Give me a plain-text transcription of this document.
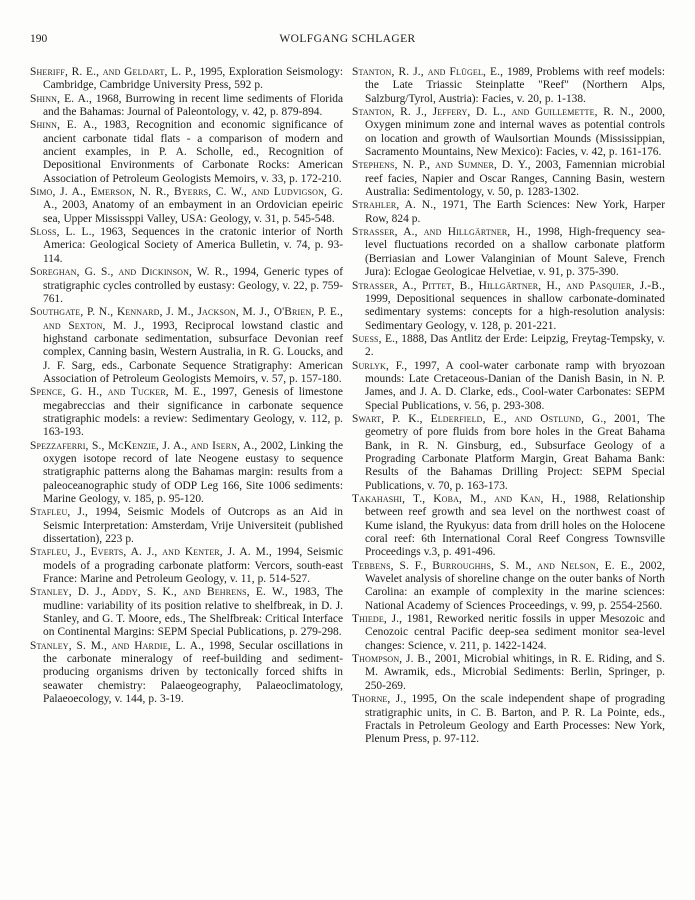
190	WOLFGANG SCHLAGER

Sheriff, R. E., and Geldart, L. P., 1995, Exploration Seismology: Cambridge, Cambridge University Press, 592 p.

Shinn, E. A., 1968, Burrowing in recent lime sediments of Florida and the Bahamas: Journal of Paleontology, v. 42, p. 879-894.

Shinn, E. A., 1983, Recognition and economic significance of ancient carbonate tidal flats - a comparison of modern and ancient examples, in P. A. Scholle, ed., Recognition of Depositional Environments of Carbonate Rocks: American Association of Petroleum Geologists Memoirs, v. 33, p. 172-210.

Simo, J. A., Emerson, N. R., Byerrs, C. W., and Ludvigson, G. A., 2003, Anatomy of an embayment in an Ordovician epeiric sea, Upper Mississppi Valley, USA: Geology, v. 31, p. 545-548.

Sloss, L. L., 1963, Sequences in the cratonic interior of North America: Geological Society of America Bulletin, v. 74, p. 93-114.

Soreghan, G. S., and Dickinson, W. R., 1994, Generic types of stratigraphic cycles controlled by eustasy: Geology, v. 22, p. 759-761.

Southgate, P. N., Kennard, J. M., Jackson, M. J., O'Brien, P. E., and Sexton, M. J., 1993, Reciprocal lowstand clastic and highstand carbonate sedimentation, subsurface Devonian reef complex, Canning basin, Western Australia, in R. G. Loucks, and J. F. Sarg, eds., Carbonate Sequence Stratigraphy: American Association of Petroleum Geologists Memoirs, v. 57, p. 157-180.

Spence, G. H., and Tucker, M. E., 1997, Genesis of limestone megabreccias and their significance in carbonate sequence stratigraphic models: a review: Sedimentary Geology, v. 112, p. 163-193.

Spezzaferri, S., McKenzie, J. A., and Isern, A., 2002, Linking the oxygen isotope record of late Neogene eustasy to sequence stratigraphic patterns along the Bahamas margin: results from a paleoceanographic study of ODP Leg 166, Site 1006 sediments: Marine Geology, v. 185, p. 95-120.

Stafleu, J., 1994, Seismic Models of Outcrops as an Aid in Seismic Interpretation: Amsterdam, Vrije Universiteit (published dissertation), 223 p.

Stafleu, J., Everts, A. J., and Kenter, J. A. M., 1994, Seismic models of a prograding carbonate platform: Vercors, south-east France: Marine and Petroleum Geology, v. 11, p. 514-527.

Stanley, D. J., Addy, S. K., and Behrens, E. W., 1983, The mudline: variability of its position relative to shelfbreak, in D. J. Stanley, and G. T. Moore, eds., The Shelfbreak: Critical Interface on Continental Margins: SEPM Special Publications, p. 279-298.

Stanley, S. M., and Hardie, L. A., 1998, Secular oscillations in the carbonate mineralogy of reef-building and sediment-producing organisms driven by tectonically forced shifts in seawater chemistry: Palaeogeography, Palaeoclimatology, Palaeoecology, v. 144, p. 3-19.

Stanton, R. J., and Flügel, E., 1989, Problems with reef models: the Late Triassic Steinplatte "Reef" (Northern Alps, Salzburg/Tyrol, Austria): Facies, v. 20, p. 1-138.

Stanton, R. J., Jeffery, D. L., and Guillemette, R. N., 2000, Oxygen minimum zone and internal waves as potential controls on location and growth of Waulsortian Mounds (Mississippian, Sacramento Mountains, New Mexico): Facies, v. 42, p. 161-176.

Stephens, N. P., and Sumner, D. Y., 2003, Famennian microbial reef facies, Napier and Oscar Ranges, Canning Basin, western Australia: Sedimentology, v. 50, p. 1283-1302.

Strahler, A. N., 1971, The Earth Sciences: New York, Harper Row, 824 p.

Strasser, A., and Hillgärtner, H., 1998, High-frequency sea-level fluctuations recorded on a shallow carbonate platform (Berriasian and Lower Valanginian of Mount Saleve, French Jura): Eclogae Geologicae Helvetiae, v. 91, p. 375-390.

Strasser, A., Pittet, B., Hillgärtner, H., and Pasquier, J.-B., 1999, Depositional sequences in shallow carbonate-dominated sedimentary systems: concepts for a high-resolution analysis: Sedimentary Geology, v. 128, p. 201-221.

Suess, E., 1888, Das Antlitz der Erde: Leipzig, Freytag-Tempsky, v. 2.

Surlyk, F., 1997, A cool-water carbonate ramp with bryozoan mounds: Late Cretaceous-Danian of the Danish Basin, in N. P. James, and J. A. D. Clarke, eds., Cool-water Carbonates: SEPM Special Publications, v. 56, p. 293-308.

Swart, P. K., Elderfield, E., and Ostlund, G., 2001, The geometry of pore fluids from bore holes in the Great Bahama Bank, in R. N. Ginsburg, ed., Subsurface Geology of a Prograding Carbonate Platform Margin, Great Bahama Bank: Results of the Bahamas Drilling Project: SEPM Special Publications, v. 70, p. 163-173.

Takahashi, T., Koba, M., and Kan, H., 1988, Relationship between reef growth and sea level on the northwest coast of Kume island, the Ryukyus: data from drill holes on the Holocene coral reef: 6th International Coral Reef Congress Townsville Proceedings v.3, p. 491-496.

Tebbens, S. F., Burroughhs, S. M., and Nelson, E. E., 2002, Wavelet analysis of shoreline change on the outer banks of North Carolina: an example of complexity in the marine sciences: National Academy of Sciences Proceedings, v. 99, p. 2554-2560.

Thiede, J., 1981, Reworked neritic fossils in upper Mesozoic and Cenozoic central Pacific deep-sea sediment monitor sea-level changes: Science, v. 211, p. 1422-1424.

Thompson, J. B., 2001, Microbial whitings, in R. E. Riding, and S. M. Awramik, eds., Microbial Sediments: Berlin, Springer, p. 250-269.

Thorne, J., 1995, On the scale independent shape of prograding stratigraphic units, in C. B. Barton, and P. R. La Pointe, eds., Fractals in Petroleum Geology and Earth Processes: New York, Plenum Press, p. 97-112.
